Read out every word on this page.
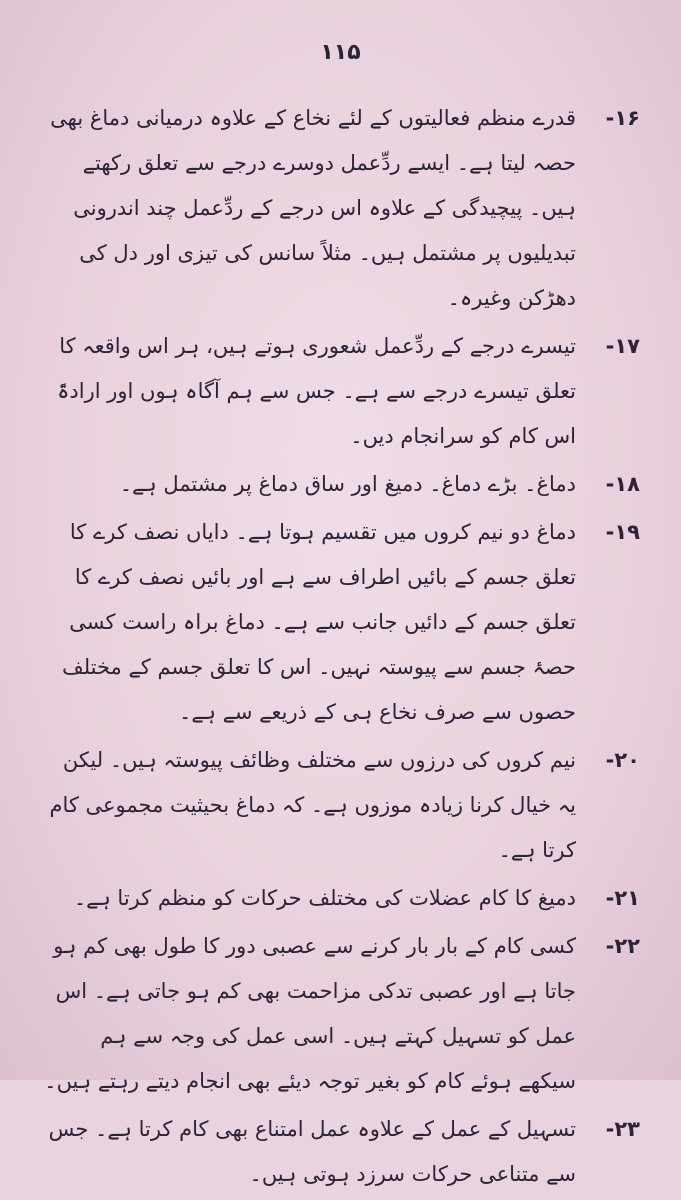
۱۱۵
۱۶-
قدرے منظم فعالیتوں کے لئے نخاع کے علاوہ درمیانی دماغ بھی حصہ لیتا ہے۔ ایسے ردِّعمل دوسرے درجے سے تعلق رکھتے ہیں۔ پیچیدگی کے علاوہ اس درجے کے ردِّعمل چند اندرونی تبدیلیوں پر مشتمل ہیں۔ مثلاً سانس کی تیزی اور دل کی دھڑکن وغیرہ۔
۱۷-
تیسرے درجے کے ردِّعمل شعوری ہوتے ہیں، ہر اس واقعہ کا تعلق تیسرے درجے سے ہے۔ جس سے ہم آگاہ ہوں اور ارادۃً اس کام کو سرانجام دیں۔
۱۸-
دماغ۔ بڑے دماغ۔ دمیغ اور ساق دماغ پر مشتمل ہے۔
۱۹-
دماغ دو نیم کروں میں تقسیم ہوتا ہے۔ دایاں نصف کرے کا تعلق جسم کے بائیں اطراف سے ہے اور بائیں نصف کرے کا تعلق جسم کے دائیں جانب سے ہے۔ دماغ براہ راست کسی حصۂ جسم سے پیوستہ نہیں۔ اس کا تعلق جسم کے مختلف حصوں سے صرف نخاع ہی کے ذریعے سے ہے۔
۲۰-
نیم کروں کی درزوں سے مختلف وظائف پیوستہ ہیں۔ لیکن یہ خیال کرنا زیادہ موزوں ہے۔ کہ دماغ بحیثیت مجموعی کام کرتا ہے۔
۲۱-
دمیغ کا کام عضلات کی مختلف حرکات کو منظم کرتا ہے۔
۲۲-
کسی کام کے بار بار کرنے سے عصبی دور کا طول بھی کم ہو جاتا ہے اور عصبی تدکی مزاحمت بھی کم ہو جاتی ہے۔ اس عمل کو تسہیل کہتے ہیں۔ اسی عمل کی وجہ سے ہم سیکھے ہوئے کام کو بغیر توجہ دیئے بھی انجام دیتے رہتے ہیں۔
۲۳-
تسہیل کے عمل کے علاوہ عمل امتناع بھی کام کرتا ہے۔ جس سے متناعی حرکات سرزد ہوتی ہیں۔
